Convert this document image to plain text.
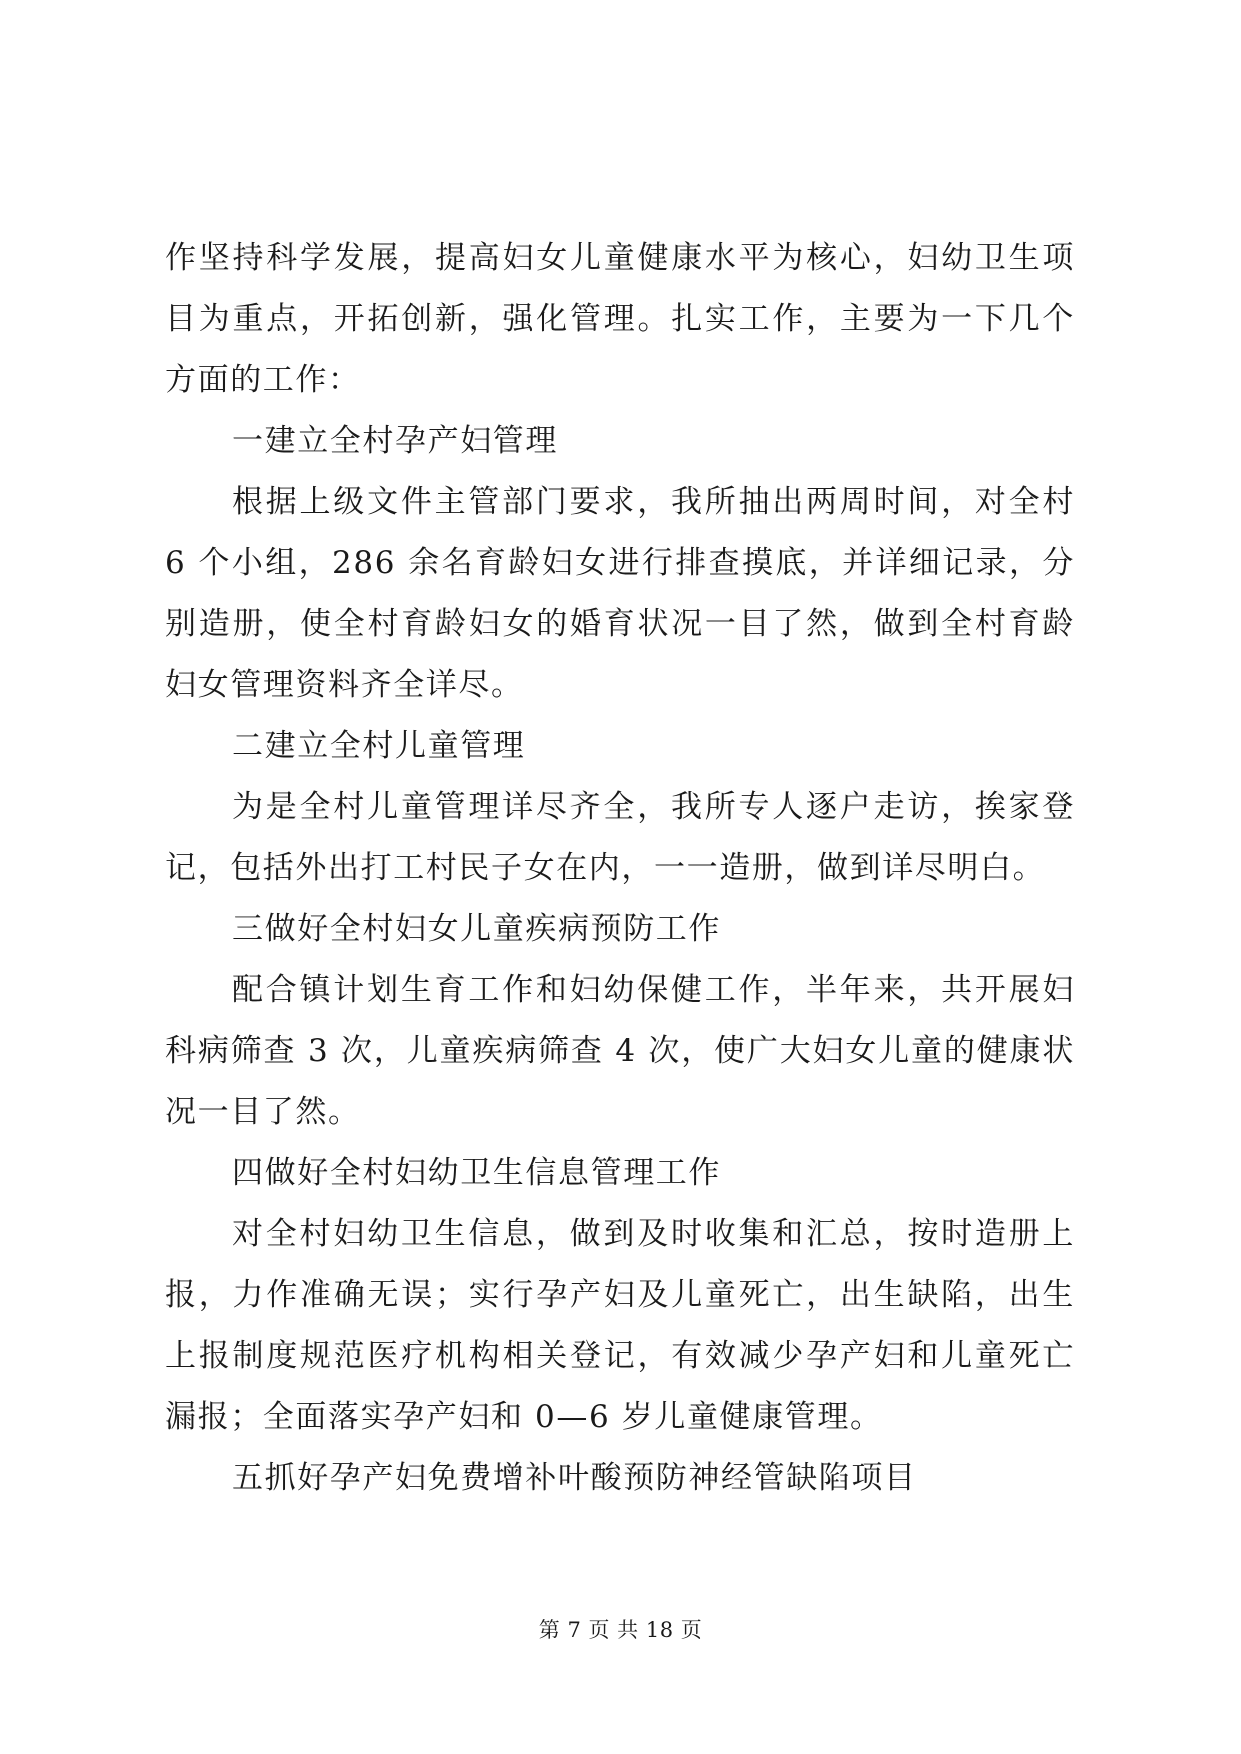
作坚持科学发展，提高妇女儿童健康水平为核心，妇幼卫生项目为重点，开拓创新，强化管理。扎实工作，主要为一下几个方面的工作：

一建立全村孕产妇管理

根据上级文件主管部门要求，我所抽出两周时间，对全村 6 个小组，286 余名育龄妇女进行排查摸底，并详细记录，分别造册，使全村育龄妇女的婚育状况一目了然，做到全村育龄妇女管理资料齐全详尽。

二建立全村儿童管理

为是全村儿童管理详尽齐全，我所专人逐户走访，挨家登记，包括外出打工村民子女在内，一一造册，做到详尽明白。

三做好全村妇女儿童疾病预防工作

配合镇计划生育工作和妇幼保健工作，半年来，共开展妇科病筛查 3 次，儿童疾病筛查 4 次，使广大妇女儿童的健康状况一目了然。

四做好全村妇幼卫生信息管理工作

对全村妇幼卫生信息，做到及时收集和汇总，按时造册上报，力作准确无误；实行孕产妇及儿童死亡，出生缺陷，出生上报制度规范医疗机构相关登记，有效减少孕产妇和儿童死亡漏报；全面落实孕产妇和 0—6 岁儿童健康管理。

五抓好孕产妇免费增补叶酸预防神经管缺陷项目

第 7 页 共 18 页
